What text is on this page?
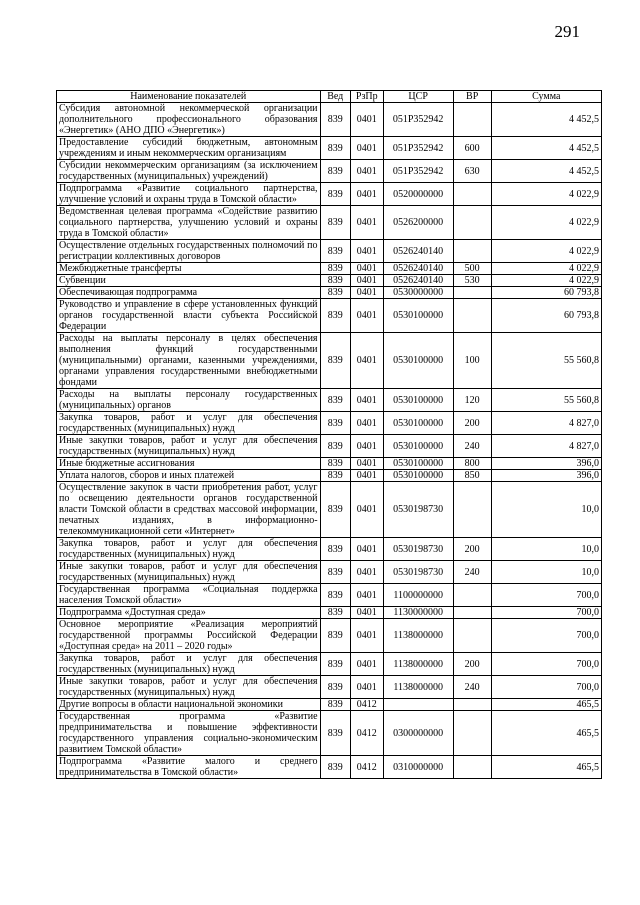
291
Наименование показателей	Вед	РзПр	ЦСР	ВР	Сумма
Субсидия автономной некоммерческой организации дополнительного профессионального образования «Энергетик» (АНО ДПО «Энергетик»)	839	0401	051P352942		4 452,5
Предоставление субсидий бюджетным, автономным учреждениям и иным некоммерческим организациям	839	0401	051P352942	600	4 452,5
Субсидии некоммерческим организациям (за исключением государственных (муниципальных) учреждений)	839	0401	051P352942	630	4 452,5
Подпрограмма «Развитие социального партнерства, улучшение условий и охраны труда в Томской области»	839	0401	0520000000		4 022,9
Ведомственная целевая программа «Содействие развитию социального партнерства, улучшению условий и охраны труда в Томской области»	839	0401	0526200000		4 022,9
Осуществление отдельных государственных полномочий по регистрации коллективных договоров	839	0401	0526240140		4 022,9
Межбюджетные трансферты	839	0401	0526240140	500	4 022,9
Субвенции	839	0401	0526240140	530	4 022,9
Обеспечивающая подпрограмма	839	0401	0530000000		60 793,8
Руководство и управление в сфере установленных функций органов государственной власти субъекта Российской Федерации	839	0401	0530100000		60 793,8
Расходы на выплаты персоналу в целях обеспечения выполнения функций государственными (муниципальными) органами, казенными учреждениями, органами управления государственными внебюджетными фондами	839	0401	0530100000	100	55 560,8
Расходы на выплаты персоналу государственных (муниципальных) органов	839	0401	0530100000	120	55 560,8
Закупка товаров, работ и услуг для обеспечения государственных (муниципальных) нужд	839	0401	0530100000	200	4 827,0
Иные закупки товаров, работ и услуг для обеспечения государственных (муниципальных) нужд	839	0401	0530100000	240	4 827,0
Иные бюджетные ассигнования	839	0401	0530100000	800	396,0
Уплата налогов, сборов и иных платежей	839	0401	0530100000	850	396,0
Осуществление закупок в части приобретения работ, услуг по освещению деятельности органов государственной власти Томской области в средствах массовой информации, печатных изданиях, в информационно-телекоммуникационной сети «Интернет»	839	0401	0530198730		10,0
Закупка товаров, работ и услуг для обеспечения государственных (муниципальных) нужд	839	0401	0530198730	200	10,0
Иные закупки товаров, работ и услуг для обеспечения государственных (муниципальных) нужд	839	0401	0530198730	240	10,0
Государственная программа «Социальная поддержка населения Томской области»	839	0401	1100000000		700,0
Подпрограмма «Доступная среда»	839	0401	1130000000		700,0
Основное мероприятие «Реализация мероприятий государственной программы Российской Федерации «Доступная среда» на 2011 – 2020 годы»	839	0401	1138000000		700,0
Закупка товаров, работ и услуг для обеспечения государственных (муниципальных) нужд	839	0401	1138000000	200	700,0
Иные закупки товаров, работ и услуг для обеспечения государственных (муниципальных) нужд	839	0401	1138000000	240	700,0
Другие вопросы в области национальной экономики	839	0412			465,5
Государственная программа «Развитие предпринимательства и повышение эффективности государственного управления социально-экономическим развитием Томской области»	839	0412	0300000000		465,5
Подпрограмма «Развитие малого и среднего предпринимательства в Томской области»	839	0412	0310000000		465,5
